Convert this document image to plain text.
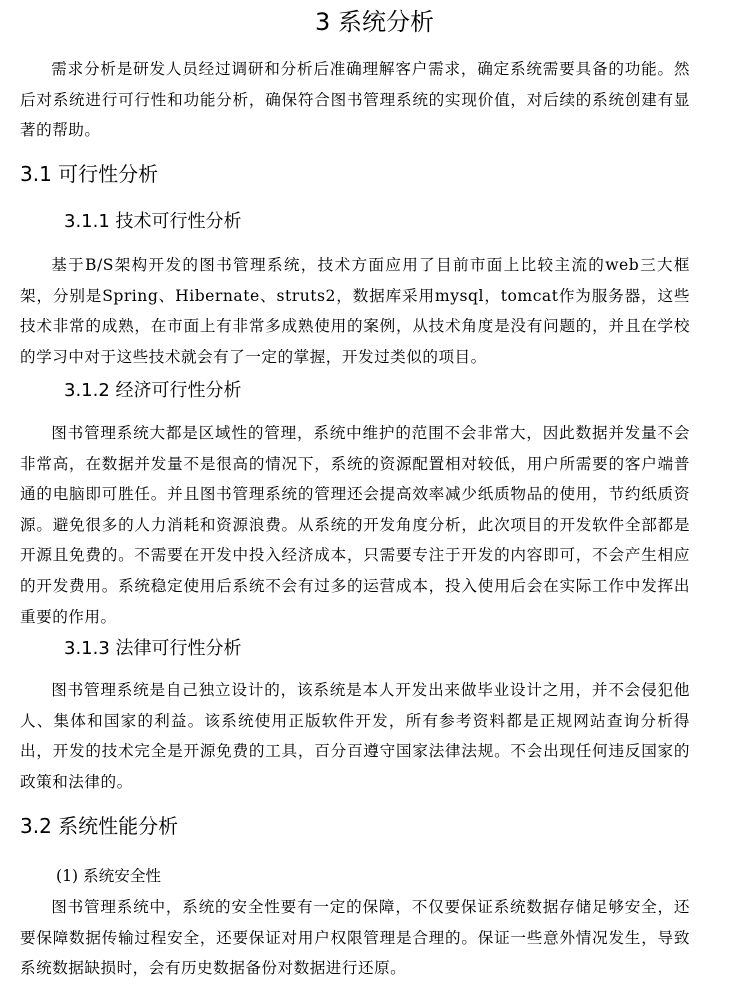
3 系统分析

需求分析是研发人员经过调研和分析后准确理解客户需求，确定系统需要具备的功能。然后对系统进行可行性和功能分析，确保符合图书管理系统的实现价值，对后续的系统创建有显著的帮助。

3.1 可行性分析
3.1.1 技术可行性分析

基于B/S架构开发的图书管理系统，技术方面应用了目前市面上比较主流的web三大框架，分别是Spring、Hibernate、struts2，数据库采用mysql，tomcat作为服务器，这些技术非常的成熟，在市面上有非常多成熟使用的案例，从技术角度是没有问题的，并且在学校的学习中对于这些技术就会有了一定的掌握，开发过类似的项目。

3.1.2 经济可行性分析

图书管理系统大都是区域性的管理，系统中维护的范围不会非常大，因此数据并发量不会非常高，在数据并发量不是很高的情况下，系统的资源配置相对较低，用户所需要的客户端普通的电脑即可胜任。并且图书管理系统的管理还会提高效率减少纸质物品的使用，节约纸质资源。避免很多的人力消耗和资源浪费。从系统的开发角度分析，此次项目的开发软件全部都是开源且免费的。不需要在开发中投入经济成本，只需要专注于开发的内容即可，不会产生相应的开发费用。系统稳定使用后系统不会有过多的运营成本，投入使用后会在实际工作中发挥出重要的作用。

3.1.3 法律可行性分析

图书管理系统是自己独立设计的，该系统是本人开发出来做毕业设计之用，并不会侵犯他人、集体和国家的利益。该系统使用正版软件开发，所有参考资料都是正规网站查询分析得出，开发的技术完全是开源免费的工具，百分百遵守国家法律法规。不会出现任何违反国家的政策和法律的。

3.2 系统性能分析

(1) 系统安全性

图书管理系统中，系统的安全性要有一定的保障，不仅要保证系统数据存储足够安全，还要保障数据传输过程安全，还要保证对用户权限管理是合理的。保证一些意外情况发生，导致系统数据缺损时，会有历史数据备份对数据进行还原。
